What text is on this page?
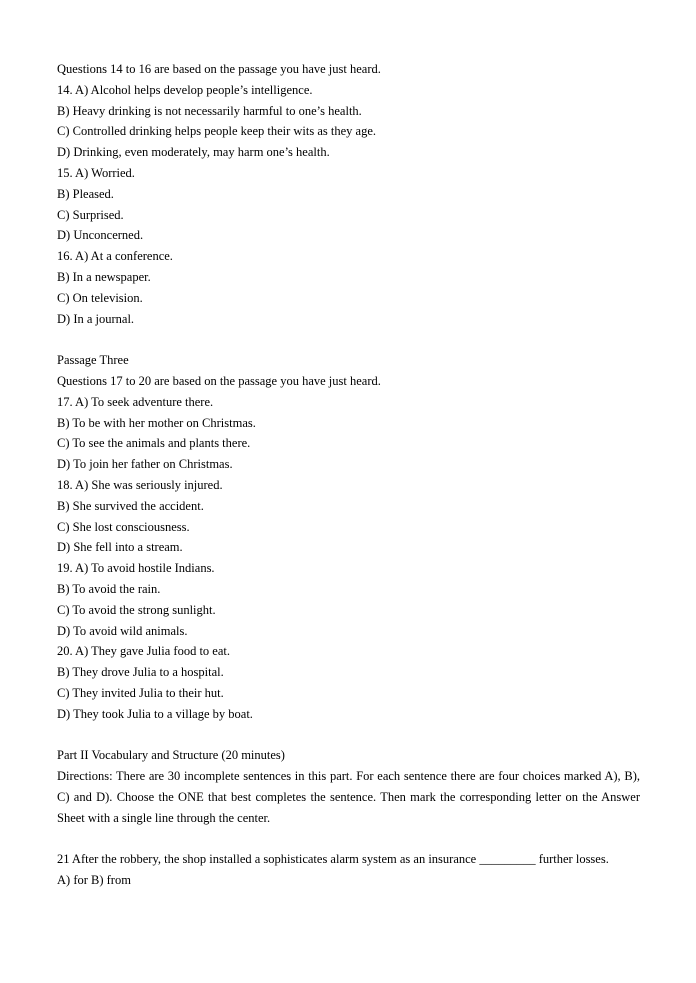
Questions 14 to 16 are based on the passage you have just heard.
14. A) Alcohol helps develop people’s intelligence.
B) Heavy drinking is not necessarily harmful to one’s health.
C) Controlled drinking helps people keep their wits as they age.
D) Drinking, even moderately, may harm one’s health.
15. A) Worried.
B) Pleased.
C) Surprised.
D) Unconcerned.
16. A) At a conference.
B) In a newspaper.
C) On television.
D) In a journal.
Passage Three
Questions 17 to 20 are based on the passage you have just heard.
17. A) To seek adventure there.
B) To be with her mother on Christmas.
C) To see the animals and plants there.
D) To join her father on Christmas.
18. A) She was seriously injured.
B) She survived the accident.
C) She lost consciousness.
D) She fell into a stream.
19. A) To avoid hostile Indians.
B) To avoid the rain.
C) To avoid the strong sunlight.
D) To avoid wild animals.
20. A) They gave Julia food to eat.
B) They drove Julia to a hospital.
C) They invited Julia to their hut.
D) They took Julia to a village by boat.
Part II Vocabulary and Structure (20 minutes)
Directions: There are 30 incomplete sentences in this part. For each sentence there are four choices marked A), B), C) and D). Choose the ONE that best completes the sentence. Then mark the corresponding letter on the Answer Sheet with a single line through the center.
21 After the robbery, the shop installed a sophisticates alarm system as an insurance _________ further losses.
A) for B) from
